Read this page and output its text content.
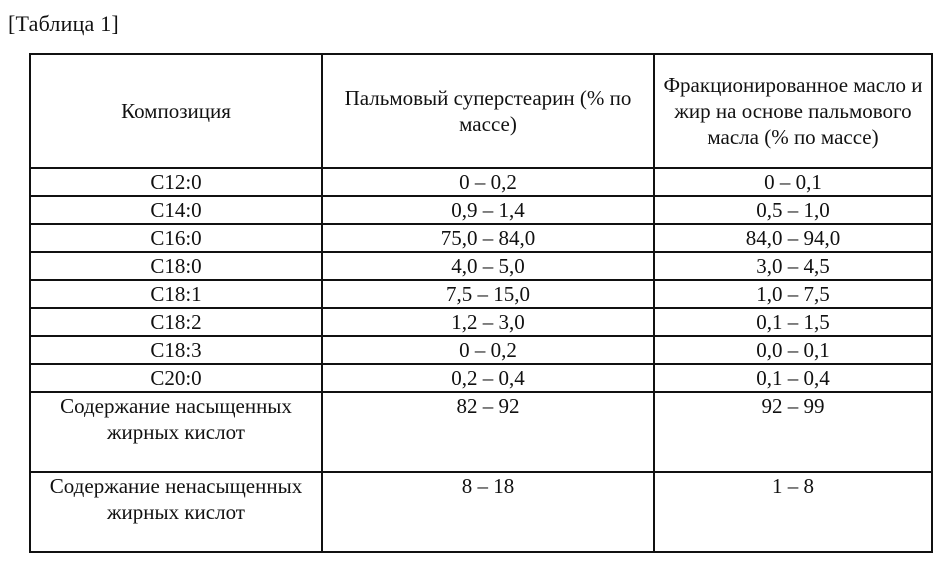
[Таблица 1]
Композиция	Пальмовый суперстеарин (% по массе)	Фракционированное масло и жир на основе пальмового масла (% по массе)
C12:0	0 – 0,2	0 – 0,1
C14:0	0,9 – 1,4	0,5 – 1,0
C16:0	75,0 – 84,0	84,0 – 94,0
C18:0	4,0 – 5,0	3,0 – 4,5
C18:1	7,5 – 15,0	1,0 – 7,5
C18:2	1,2 – 3,0	0,1 – 1,5
C18:3	0 – 0,2	0,0 – 0,1
C20:0	0,2 – 0,4	0,1 – 0,4
Содержание насыщенных жирных кислот	82 – 92	92 – 99
Содержание ненасыщенных жирных кислот	8 – 18	1 – 8
